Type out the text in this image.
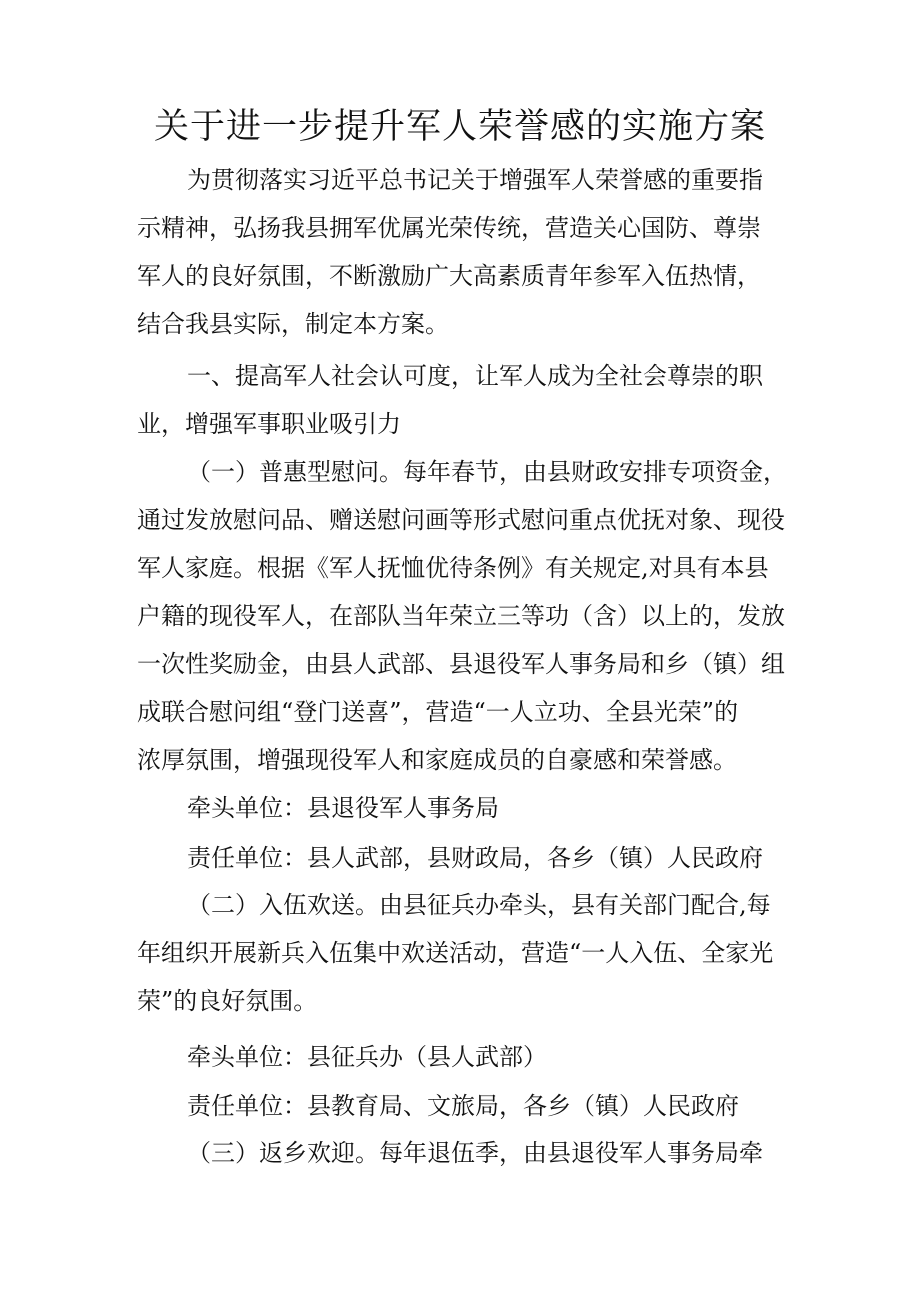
关于进一步提升军人荣誉感的实施方案
为贯彻落实习近平总书记关于增强军人荣誉感的重要指
示精神，弘扬我县拥军优属光荣传统，营造关心国防、尊崇
军人的良好氛围，不断激励广大高素质青年参军入伍热情，
结合我县实际，制定本方案。
一、提高军人社会认可度，让军人成为全社会尊崇的职
业，增强军事职业吸引力
（一）普惠型慰问。每年春节，由县财政安排专项资金，
通过发放慰问品、赠送慰问画等形式慰问重点优抚对象、现役
军人家庭。根据《军人抚恤优待条例》有关规定,对具有本县
户籍的现役军人，在部队当年荣立三等功（含）以上的，发放
一次性奖励金，由县人武部、县退役军人事务局和乡（镇）组
成联合慰问组“登门送喜”，营造“一人立功、全县光荣”的
浓厚氛围，增强现役军人和家庭成员的自豪感和荣誉感。
牵头单位：县退役军人事务局
责任单位：县人武部，县财政局，各乡（镇）人民政府
（二）入伍欢送。由县征兵办牵头，县有关部门配合,每
年组织开展新兵入伍集中欢送活动，营造“一人入伍、全家光
荣”的良好氛围。
牵头单位：县征兵办（县人武部）
责任单位：县教育局、文旅局，各乡（镇）人民政府
（三）返乡欢迎。每年退伍季，由县退役军人事务局牵
